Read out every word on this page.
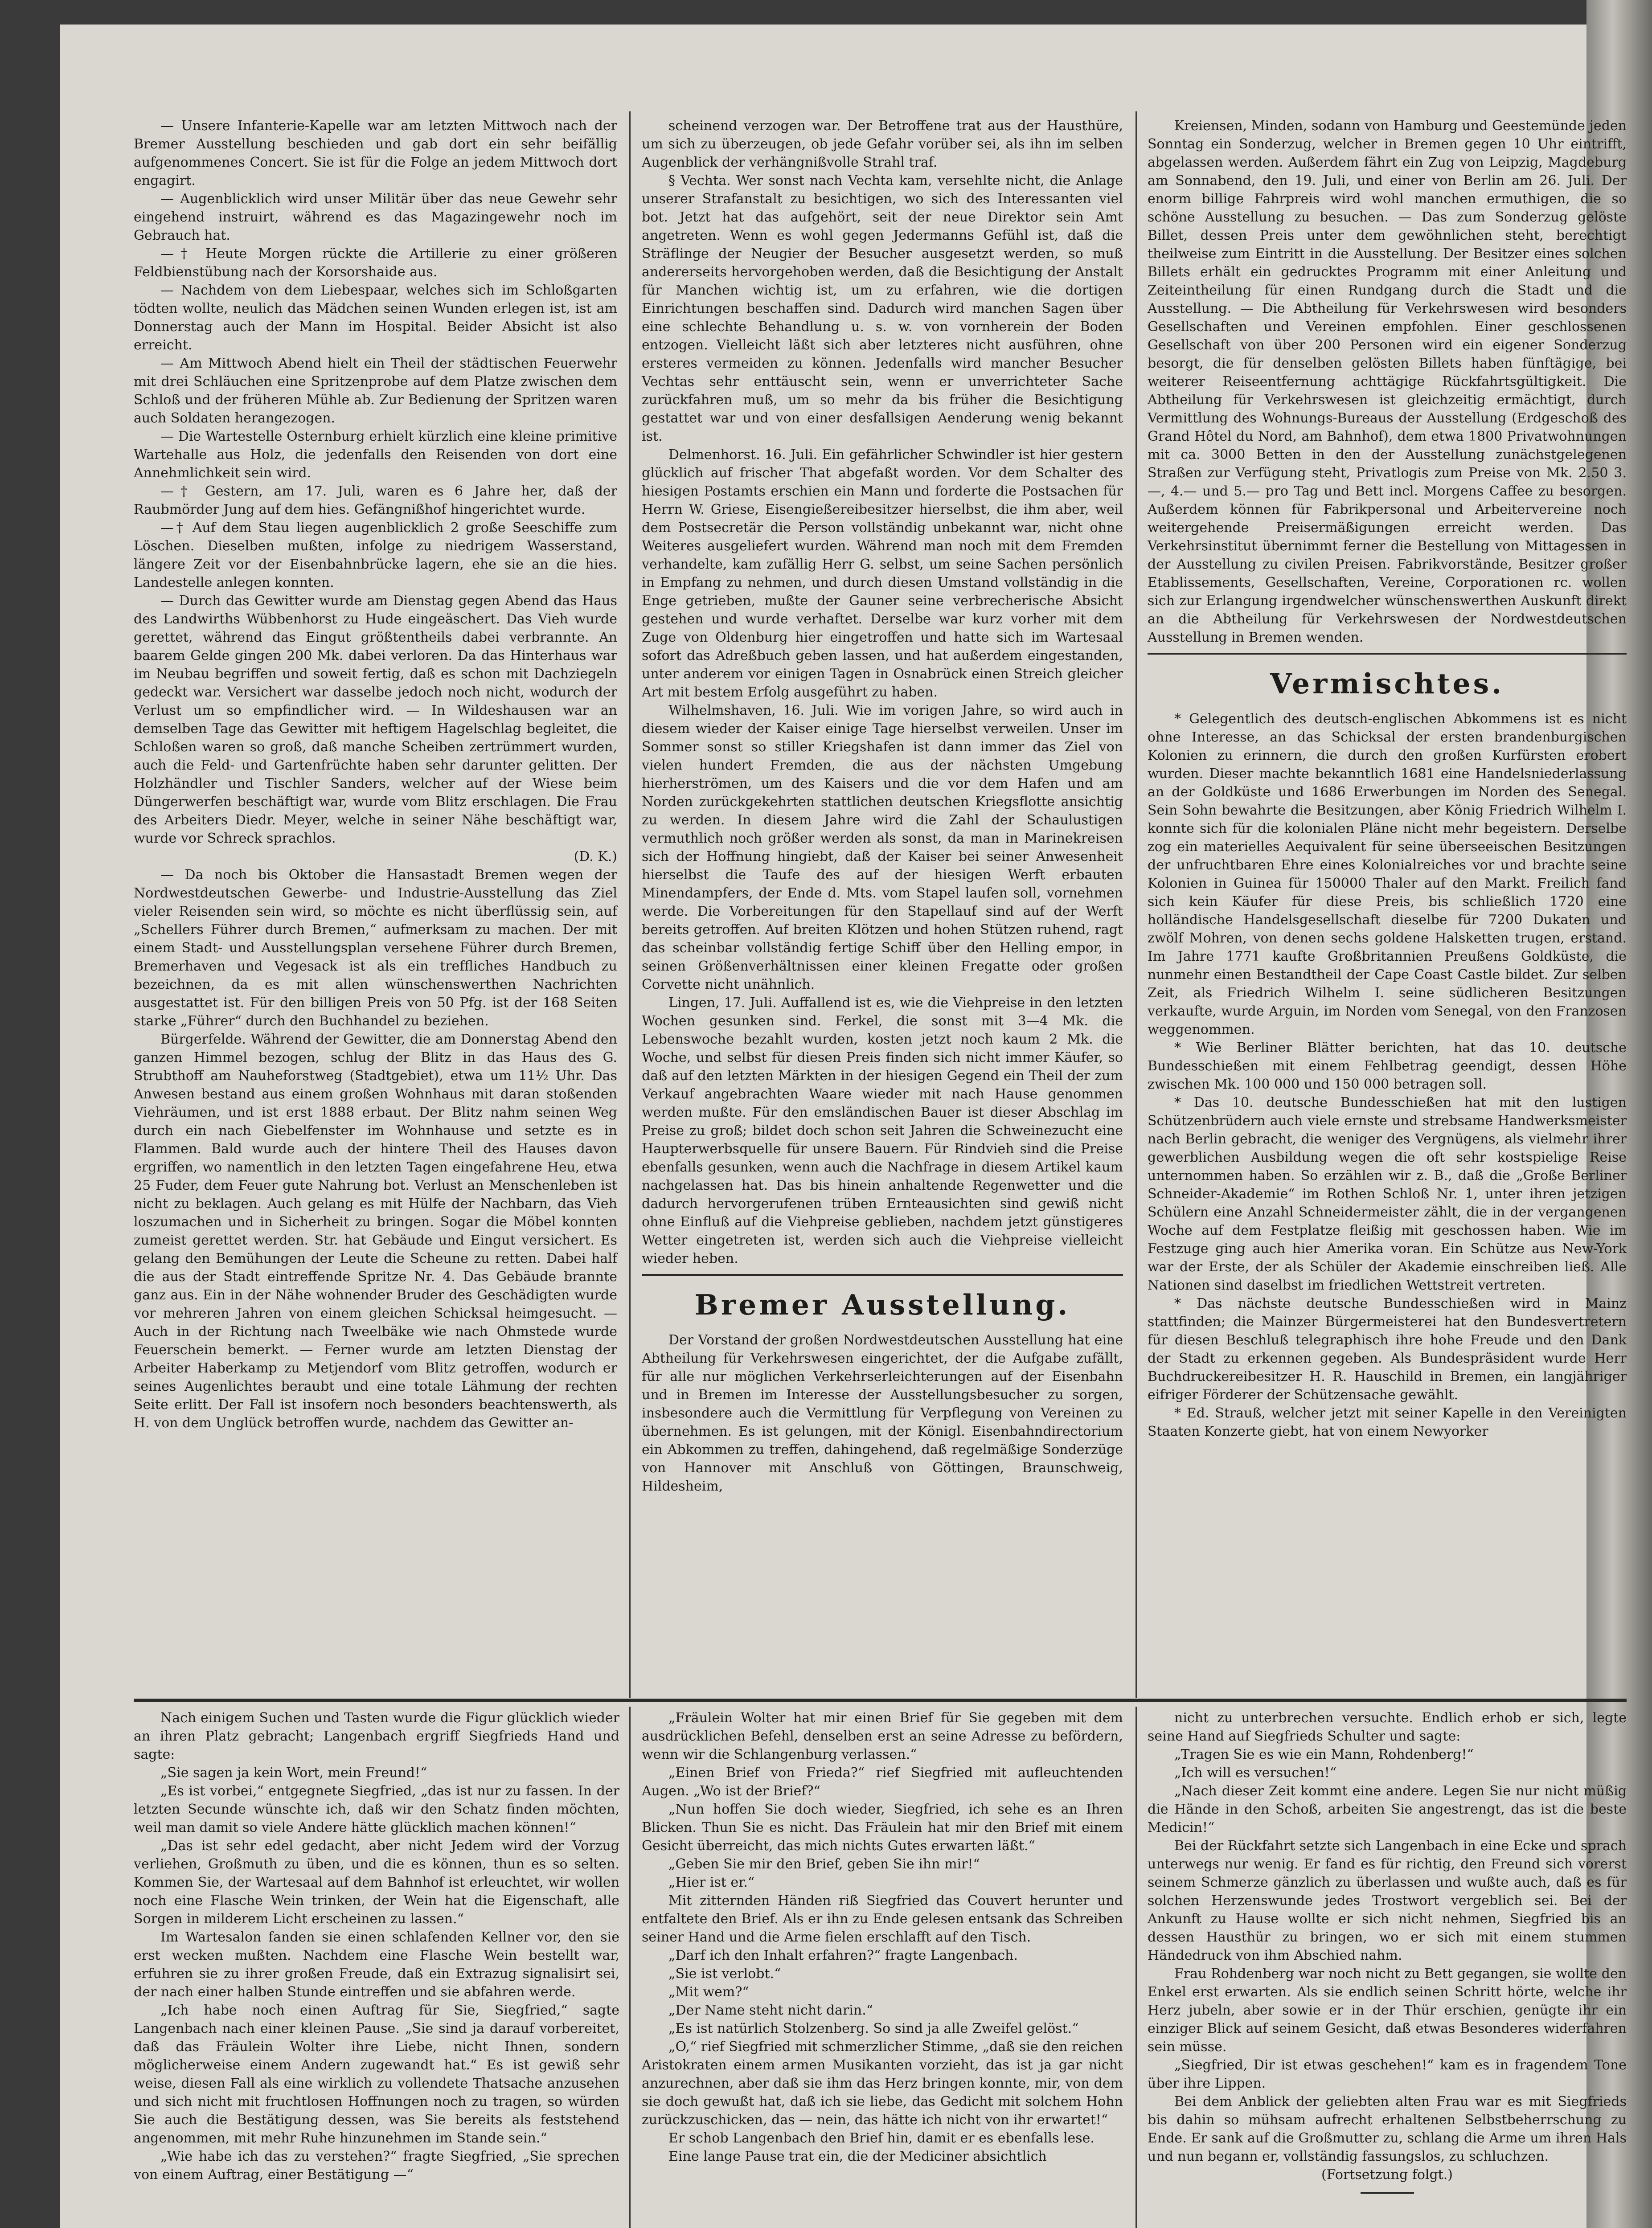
— Unsere Infanterie-Kapelle war am letzten Mittwoch nach der Bremer Ausstellung beschieden und gab dort ein sehr beifällig aufgenommenes Concert. Sie ist für die Folge an jedem Mittwoch dort engagirt.

— Augenblicklich wird unser Militär über das neue Gewehr sehr eingehend instruirt, während es das Magazingewehr noch im Gebrauch hat.

—† Heute Morgen rückte die Artillerie zu einer größeren Feldbienstübung nach der Korsorshaide aus.

— Nachdem von dem Liebespaar, welches sich im Schloßgarten tödten wollte, neulich das Mädchen seinen Wunden erlegen ist, ist am Donnerstag auch der Mann im Hospital. Beider Absicht ist also erreicht.

— Am Mittwoch Abend hielt ein Theil der städtischen Feuerwehr mit drei Schläuchen eine Spritzenprobe auf dem Platze zwischen dem Schloß und der früheren Mühle ab. Zur Bedienung der Spritzen waren auch Soldaten herangezogen.

— Die Wartestelle Osternburg erhielt kürzlich eine kleine primitive Wartehalle aus Holz, die jedenfalls den Reisenden von dort eine Annehmlichkeit sein wird.

—† Gestern, am 17. Juli, waren es 6 Jahre her, daß der Raubmörder Jung auf dem hies. Gefängnißhof hingerichtet wurde.

—† Auf dem Stau liegen augenblicklich 2 große Seeschiffe zum Löschen. Dieselben mußten, infolge zu niedrigem Wasserstand, längere Zeit vor der Eisenbahnbrücke lagern, ehe sie an die hies. Landestelle anlegen konnten.

— Durch das Gewitter wurde am Dienstag gegen Abend das Haus des Landwirths Wübbenhorst zu Hude eingeäschert. Das Vieh wurde gerettet, während das Eingut größtentheils dabei verbrannte. An baarem Gelde gingen 200 Mk. dabei verloren. Da das Hinterhaus war im Neubau begriffen und soweit fertig, daß es schon mit Dachziegeln gedeckt war. Versichert war dasselbe jedoch noch nicht, wodurch der Verlust um so empfindlicher wird. — In Wildeshausen war an demselben Tage das Gewitter mit heftigem Hagelschlag begleitet, die Schloßen waren so groß, daß manche Scheiben zertrümmert wurden, auch die Feld- und Gartenfrüchte haben sehr darunter gelitten. Der Holzhändler und Tischler Sanders, welcher auf der Wiese beim Düngerwerfen beschäftigt war, wurde vom Blitz erschlagen. Die Frau des Arbeiters Diedr. Meyer, welche in seiner Nähe beschäftigt war, wurde vor Schreck sprachlos.

(D. K.)

— Da noch bis Oktober die Hansastadt Bremen wegen der Nordwestdeutschen Gewerbe- und Industrie-Ausstellung das Ziel vieler Reisenden sein wird, so möchte es nicht überflüssig sein, auf „Schellers Führer durch Bremen,“ aufmerksam zu machen. Der mit einem Stadt- und Ausstellungsplan versehene Führer durch Bremen, Bremerhaven und Vegesack ist als ein treffliches Handbuch zu bezeichnen, da es mit allen wünschenswerthen Nachrichten ausgestattet ist. Für den billigen Preis von 50 Pfg. ist der 168 Seiten starke „Führer“ durch den Buchhandel zu beziehen.

Bürgerfelde. Während der Gewitter, die am Donnerstag Abend den ganzen Himmel bezogen, schlug der Blitz in das Haus des G. Strubthoff am Nauheforstweg (Stadtgebiet), etwa um 11½ Uhr. Das Anwesen bestand aus einem großen Wohnhaus mit daran stoßenden Viehräumen, und ist erst 1888 erbaut. Der Blitz nahm seinen Weg durch ein nach Giebelfenster im Wohnhause und setzte es in Flammen. Bald wurde auch der hintere Theil des Hauses davon ergriffen, wo namentlich in den letzten Tagen eingefahrene Heu, etwa 25 Fuder, dem Feuer gute Nahrung bot. Verlust an Menschenleben ist nicht zu beklagen. Auch gelang es mit Hülfe der Nachbarn, das Vieh loszumachen und in Sicherheit zu bringen. Sogar die Möbel konnten zumeist gerettet werden. Str. hat Gebäude und Eingut versichert. Es gelang den Bemühungen der Leute die Scheune zu retten. Dabei half die aus der Stadt eintreffende Spritze Nr. 4. Das Gebäude brannte ganz aus. Ein in der Nähe wohnender Bruder des Geschädigten wurde vor mehreren Jahren von einem gleichen Schicksal heimgesucht. — Auch in der Richtung nach Tweelbäke wie nach Ohmstede wurde Feuerschein bemerkt. — Ferner wurde am letzten Dienstag der Arbeiter Haberkamp zu Metjendorf vom Blitz getroffen, wodurch er seines Augenlichtes beraubt und eine totale Lähmung der rechten Seite erlitt. Der Fall ist insofern noch besonders beachtenswerth, als H. von dem Unglück betroffen wurde, nachdem das Gewitter an-

scheinend verzogen war. Der Betroffene trat aus der Hausthüre, um sich zu überzeugen, ob jede Gefahr vorüber sei, als ihn im selben Augenblick der verhängnißvolle Strahl traf.

§ Vechta. Wer sonst nach Vechta kam, versehlte nicht, die Anlage unserer Strafanstalt zu besichtigen, wo sich des Interessanten viel bot. Jetzt hat das aufgehört, seit der neue Direktor sein Amt angetreten. Wenn es wohl gegen Jedermanns Gefühl ist, daß die Sträflinge der Neugier der Besucher ausgesetzt werden, so muß andererseits hervorgehoben werden, daß die Besichtigung der Anstalt für Manchen wichtig ist, um zu erfahren, wie die dortigen Einrichtungen beschaffen sind. Dadurch wird manchen Sagen über eine schlechte Behandlung u. s. w. von vornherein der Boden entzogen. Vielleicht läßt sich aber letzteres nicht ausführen, ohne ersteres vermeiden zu können. Jedenfalls wird mancher Besucher Vechtas sehr enttäuscht sein, wenn er unverrichteter Sache zurückfahren muß, um so mehr da bis früher die Besichtigung gestattet war und von einer desfallsigen Aenderung wenig bekannt ist.

Delmenhorst. 16. Juli. Ein gefährlicher Schwindler ist hier gestern glücklich auf frischer That abgefaßt worden. Vor dem Schalter des hiesigen Postamts erschien ein Mann und forderte die Postsachen für Herrn W. Griese, Eisengießereibesitzer hierselbst, die ihm aber, weil dem Postsecretär die Person vollständig unbekannt war, nicht ohne Weiteres ausgeliefert wurden. Während man noch mit dem Fremden verhandelte, kam zufällig Herr G. selbst, um seine Sachen persönlich in Empfang zu nehmen, und durch diesen Umstand vollständig in die Enge getrieben, mußte der Gauner seine verbrecherische Absicht gestehen und wurde verhaftet. Derselbe war kurz vorher mit dem Zuge von Oldenburg hier eingetroffen und hatte sich im Wartesaal sofort das Adreßbuch geben lassen, und hat außerdem eingestanden, unter anderem vor einigen Tagen in Osnabrück einen Streich gleicher Art mit bestem Erfolg ausgeführt zu haben.

Wilhelmshaven, 16. Juli. Wie im vorigen Jahre, so wird auch in diesem wieder der Kaiser einige Tage hierselbst verweilen. Unser im Sommer sonst so stiller Kriegshafen ist dann immer das Ziel von vielen hundert Fremden, die aus der nächsten Umgebung hierherströmen, um des Kaisers und die vor dem Hafen und am Norden zurückgekehrten stattlichen deutschen Kriegsflotte ansichtig zu werden. In diesem Jahre wird die Zahl der Schaulustigen vermuthlich noch größer werden als sonst, da man in Marinekreisen sich der Hoffnung hingiebt, daß der Kaiser bei seiner Anwesenheit hierselbst die Taufe des auf der hiesigen Werft erbauten Minendampfers, der Ende d. Mts. vom Stapel laufen soll, vornehmen werde. Die Vorbereitungen für den Stapellauf sind auf der Werft bereits getroffen. Auf breiten Klötzen und hohen Stützen ruhend, ragt das scheinbar vollständig fertige Schiff über den Helling empor, in seinen Größenverhältnissen einer kleinen Fregatte oder großen Corvette nicht unähnlich.

Lingen, 17. Juli. Auffallend ist es, wie die Viehpreise in den letzten Wochen gesunken sind. Ferkel, die sonst mit 3—4 Mk. die Lebenswoche bezahlt wurden, kosten jetzt noch kaum 2 Mk. die Woche, und selbst für diesen Preis finden sich nicht immer Käufer, so daß auf den letzten Märkten in der hiesigen Gegend ein Theil der zum Verkauf angebrachten Waare wieder mit nach Hause genommen werden mußte. Für den emsländischen Bauer ist dieser Abschlag im Preise zu groß; bildet doch schon seit Jahren die Schweinezucht eine Haupterwerbsquelle für unsere Bauern. Für Rindvieh sind die Preise ebenfalls gesunken, wenn auch die Nachfrage in diesem Artikel kaum nachgelassen hat. Das bis hinein anhaltende Regenwetter und die dadurch hervorgerufenen trüben Ernteausichten sind gewiß nicht ohne Einfluß auf die Viehpreise geblieben, nachdem jetzt günstigeres Wetter eingetreten ist, werden sich auch die Viehpreise vielleicht wieder heben.

Bremer Ausstellung.

Der Vorstand der großen Nordwestdeutschen Ausstellung hat eine Abtheilung für Verkehrswesen eingerichtet, der die Aufgabe zufällt, für alle nur möglichen Verkehrserleichterungen auf der Eisenbahn und in Bremen im Interesse der Ausstellungsbesucher zu sorgen, insbesondere auch die Vermittlung für Verpflegung von Vereinen zu übernehmen. Es ist gelungen, mit der Königl. Eisenbahndirectorium ein Abkommen zu treffen, dahingehend, daß regelmäßige Sonderzüge von Hannover mit Anschluß von Göttingen, Braunschweig, Hildesheim,

Kreiensen, Minden, sodann von Hamburg und Geestemünde jeden Sonntag ein Sonderzug, welcher in Bremen gegen 10 Uhr eintrifft, abgelassen werden. Außerdem fährt ein Zug von Leipzig, Magdeburg am Sonnabend, den 19. Juli, und einer von Berlin am 26. Juli. Der enorm billige Fahrpreis wird wohl manchen ermuthigen, die so schöne Ausstellung zu besuchen. — Das zum Sonderzug gelöste Billet, dessen Preis unter dem gewöhnlichen steht, berechtigt theilweise zum Eintritt in die Ausstellung. Der Besitzer eines solchen Billets erhält ein gedrucktes Programm mit einer Anleitung und Zeiteintheilung für einen Rundgang durch die Stadt und die Ausstellung. — Die Abtheilung für Verkehrswesen wird besonders Gesellschaften und Vereinen empfohlen. Einer geschlossenen Gesellschaft von über 200 Personen wird ein eigener Sonderzug besorgt, die für denselben gelösten Billets haben fünftägige, bei weiterer Reiseentfernung achttägige Rückfahrtsgültigkeit. Die Abtheilung für Verkehrswesen ist gleichzeitig ermächtigt, durch Vermittlung des Wohnungs-Bureaus der Ausstellung (Erdgeschoß des Grand Hôtel du Nord, am Bahnhof), dem etwa 1800 Privatwohnungen mit ca. 3000 Betten in den der Ausstellung zunächstgelegenen Straßen zur Verfügung steht, Privatlogis zum Preise von Mk. 2.50 3.—, 4.— und 5.— pro Tag und Bett incl. Morgens Caffee zu besorgen. Außerdem können für Fabrikpersonal und Arbeitervereine noch weitergehende Preisermäßigungen erreicht werden. Das Verkehrsinstitut übernimmt ferner die Bestellung von Mittagessen in der Ausstellung zu civilen Preisen. Fabrikvorstände, Besitzer großer Etablissements, Gesellschaften, Vereine, Corporationen rc. wollen sich zur Erlangung irgendwelcher wünschenswerthen Auskunft direkt an die Abtheilung für Verkehrswesen der Nordwestdeutschen Ausstellung in Bremen wenden.

Vermischtes.

* Gelegentlich des deutsch-englischen Abkommens ist es nicht ohne Interesse, an das Schicksal der ersten brandenburgischen Kolonien zu erinnern, die durch den großen Kurfürsten erobert wurden. Dieser machte bekanntlich 1681 eine Handelsniederlassung an der Goldküste und 1686 Erwerbungen im Norden des Senegal. Sein Sohn bewahrte die Besitzungen, aber König Friedrich Wilhelm I. konnte sich für die kolonialen Pläne nicht mehr begeistern. Derselbe zog ein materielles Aequivalent für seine überseeischen Besitzungen der unfruchtbaren Ehre eines Kolonialreiches vor und brachte seine Kolonien in Guinea für 150000 Thaler auf den Markt. Freilich fand sich kein Käufer für diese Preis, bis schließlich 1720 eine holländische Handelsgesellschaft dieselbe für 7200 Dukaten und zwölf Mohren, von denen sechs goldene Halsketten trugen, erstand. Im Jahre 1771 kaufte Großbritannien Preußens Goldküste, die nunmehr einen Bestandtheil der Cape Coast Castle bildet. Zur selben Zeit, als Friedrich Wilhelm I. seine südlicheren Besitzungen verkaufte, wurde Arguin, im Norden vom Senegal, von den Franzosen weggenommen.

* Wie Berliner Blätter berichten, hat das 10. deutsche Bundesschießen mit einem Fehlbetrag geendigt, dessen Höhe zwischen Mk. 100 000 und 150 000 betragen soll.

* Das 10. deutsche Bundesschießen hat mit den lustigen Schützenbrüdern auch viele ernste und strebsame Handwerksmeister nach Berlin gebracht, die weniger des Vergnügens, als vielmehr ihrer gewerblichen Ausbildung wegen die oft sehr kostspielige Reise unternommen haben. So erzählen wir z. B., daß die „Große Berliner Schneider-Akademie“ im Rothen Schloß Nr. 1, unter ihren jetzigen Schülern eine Anzahl Schneidermeister zählt, die in der vergangenen Woche auf dem Festplatze fleißig mit geschossen haben. Wie im Festzuge ging auch hier Amerika voran. Ein Schütze aus New-York war der Erste, der als Schüler der Akademie einschreiben ließ. Alle Nationen sind daselbst im friedlichen Wettstreit vertreten.

* Das nächste deutsche Bundesschießen wird in Mainz stattfinden; die Mainzer Bürgermeisterei hat den Bundesvertretern für diesen Beschluß telegraphisch ihre hohe Freude und den Dank der Stadt zu erkennen gegeben. Als Bundespräsident wurde Herr Buchdruckereibesitzer H. R. Hauschild in Bremen, ein langjähriger eifriger Förderer der Schützensache gewählt.

* Ed. Strauß, welcher jetzt mit seiner Kapelle in den Vereinigten Staaten Konzerte giebt, hat von einem Newyorker

Nach einigem Suchen und Tasten wurde die Figur glücklich wieder an ihren Platz gebracht; Langenbach ergriff Siegfrieds Hand und sagte:

„Sie sagen ja kein Wort, mein Freund!“

„Es ist vorbei,“ entgegnete Siegfried, „das ist nur zu fassen. In der letzten Secunde wünschte ich, daß wir den Schatz finden möchten, weil man damit so viele Andere hätte glücklich machen können!“

„Das ist sehr edel gedacht, aber nicht Jedem wird der Vorzug verliehen, Großmuth zu üben, und die es können, thun es so selten. Kommen Sie, der Wartesaal auf dem Bahnhof ist erleuchtet, wir wollen noch eine Flasche Wein trinken, der Wein hat die Eigenschaft, alle Sorgen in milderem Licht erscheinen zu lassen.“

Im Wartesalon fanden sie einen schlafenden Kellner vor, den sie erst wecken mußten. Nachdem eine Flasche Wein bestellt war, erfuhren sie zu ihrer großen Freude, daß ein Extrazug signalisirt sei, der nach einer halben Stunde eintreffen und sie abfahren werde.

„Ich habe noch einen Auftrag für Sie, Siegfried,“ sagte Langenbach nach einer kleinen Pause. „Sie sind ja darauf vorbereitet, daß das Fräulein Wolter ihre Liebe, nicht Ihnen, sondern möglicherweise einem Andern zugewandt hat.“ Es ist gewiß sehr weise, diesen Fall als eine wirklich zu vollendete Thatsache anzusehen und sich nicht mit fruchtlosen Hoffnungen noch zu tragen, so würden Sie auch die Bestätigung dessen, was Sie bereits als feststehend angenommen, mit mehr Ruhe hinzunehmen im Stande sein.“

„Wie habe ich das zu verstehen?“ fragte Siegfried, „Sie sprechen von einem Auftrag, einer Bestätigung —“

„Fräulein Wolter hat mir einen Brief für Sie gegeben mit dem ausdrücklichen Befehl, denselben erst an seine Adresse zu befördern, wenn wir die Schlangenburg verlassen.“

„Einen Brief von Frieda?“ rief Siegfried mit aufleuchtenden Augen. „Wo ist der Brief?“

„Nun hoffen Sie doch wieder, Siegfried, ich sehe es an Ihren Blicken. Thun Sie es nicht. Das Fräulein hat mir den Brief mit einem Gesicht überreicht, das mich nichts Gutes erwarten läßt.“

„Geben Sie mir den Brief, geben Sie ihn mir!“

„Hier ist er.“

Mit zitternden Händen riß Siegfried das Couvert herunter und entfaltete den Brief. Als er ihn zu Ende gelesen entsank das Schreiben seiner Hand und die Arme fielen erschlafft auf den Tisch.

„Darf ich den Inhalt erfahren?“ fragte Langenbach.

„Sie ist verlobt.“

„Mit wem?“

„Der Name steht nicht darin.“

„Es ist natürlich Stolzenberg. So sind ja alle Zweifel gelöst.“

„O,“ rief Siegfried mit schmerzlicher Stimme, „daß sie den reichen Aristokraten einem armen Musikanten vorzieht, das ist ja gar nicht anzurechnen, aber daß sie ihm das Herz bringen konnte, mir, von dem sie doch gewußt hat, daß ich sie liebe, das Gedicht mit solchem Hohn zurückzuschicken, das — nein, das hätte ich nicht von ihr erwartet!“

Er schob Langenbach den Brief hin, damit er es ebenfalls lese.

Eine lange Pause trat ein, die der Mediciner absichtlich

nicht zu unterbrechen versuchte. Endlich erhob er sich, legte seine Hand auf Siegfrieds Schulter und sagte:

„Tragen Sie es wie ein Mann, Rohdenberg!“

„Ich will es versuchen!“

„Nach dieser Zeit kommt eine andere. Legen Sie nur nicht müßig die Hände in den Schoß, arbeiten Sie angestrengt, das ist die beste Medicin!“

Bei der Rückfahrt setzte sich Langenbach in eine Ecke und sprach unterwegs nur wenig. Er fand es für richtig, den Freund sich vorerst seinem Schmerze gänzlich zu überlassen und wußte auch, daß es für solchen Herzenswunde jedes Trostwort vergeblich sei. Bei der Ankunft zu Hause wollte er sich nicht nehmen, Siegfried bis an dessen Hausthür zu bringen, wo er sich mit einem stummen Händedruck von ihm Abschied nahm.

Frau Rohdenberg war noch nicht zu Bett gegangen, sie wollte den Enkel erst erwarten. Als sie endlich seinen Schritt hörte, welche ihr Herz jubeln, aber sowie er in der Thür erschien, genügte ihr ein einziger Blick auf seinem Gesicht, daß etwas Besonderes widerfahren sein müsse.

„Siegfried, Dir ist etwas geschehen!“ kam es in fragendem Tone über ihre Lippen.

Bei dem Anblick der geliebten alten Frau war es mit Siegfrieds bis dahin so mühsam aufrecht erhaltenen Selbstbeherrschung zu Ende. Er sank auf die Großmutter zu, schlang die Arme um ihren Hals und nun begann er, vollständig fassungslos, zu schluchzen.

(Fortsetzung folgt.)
